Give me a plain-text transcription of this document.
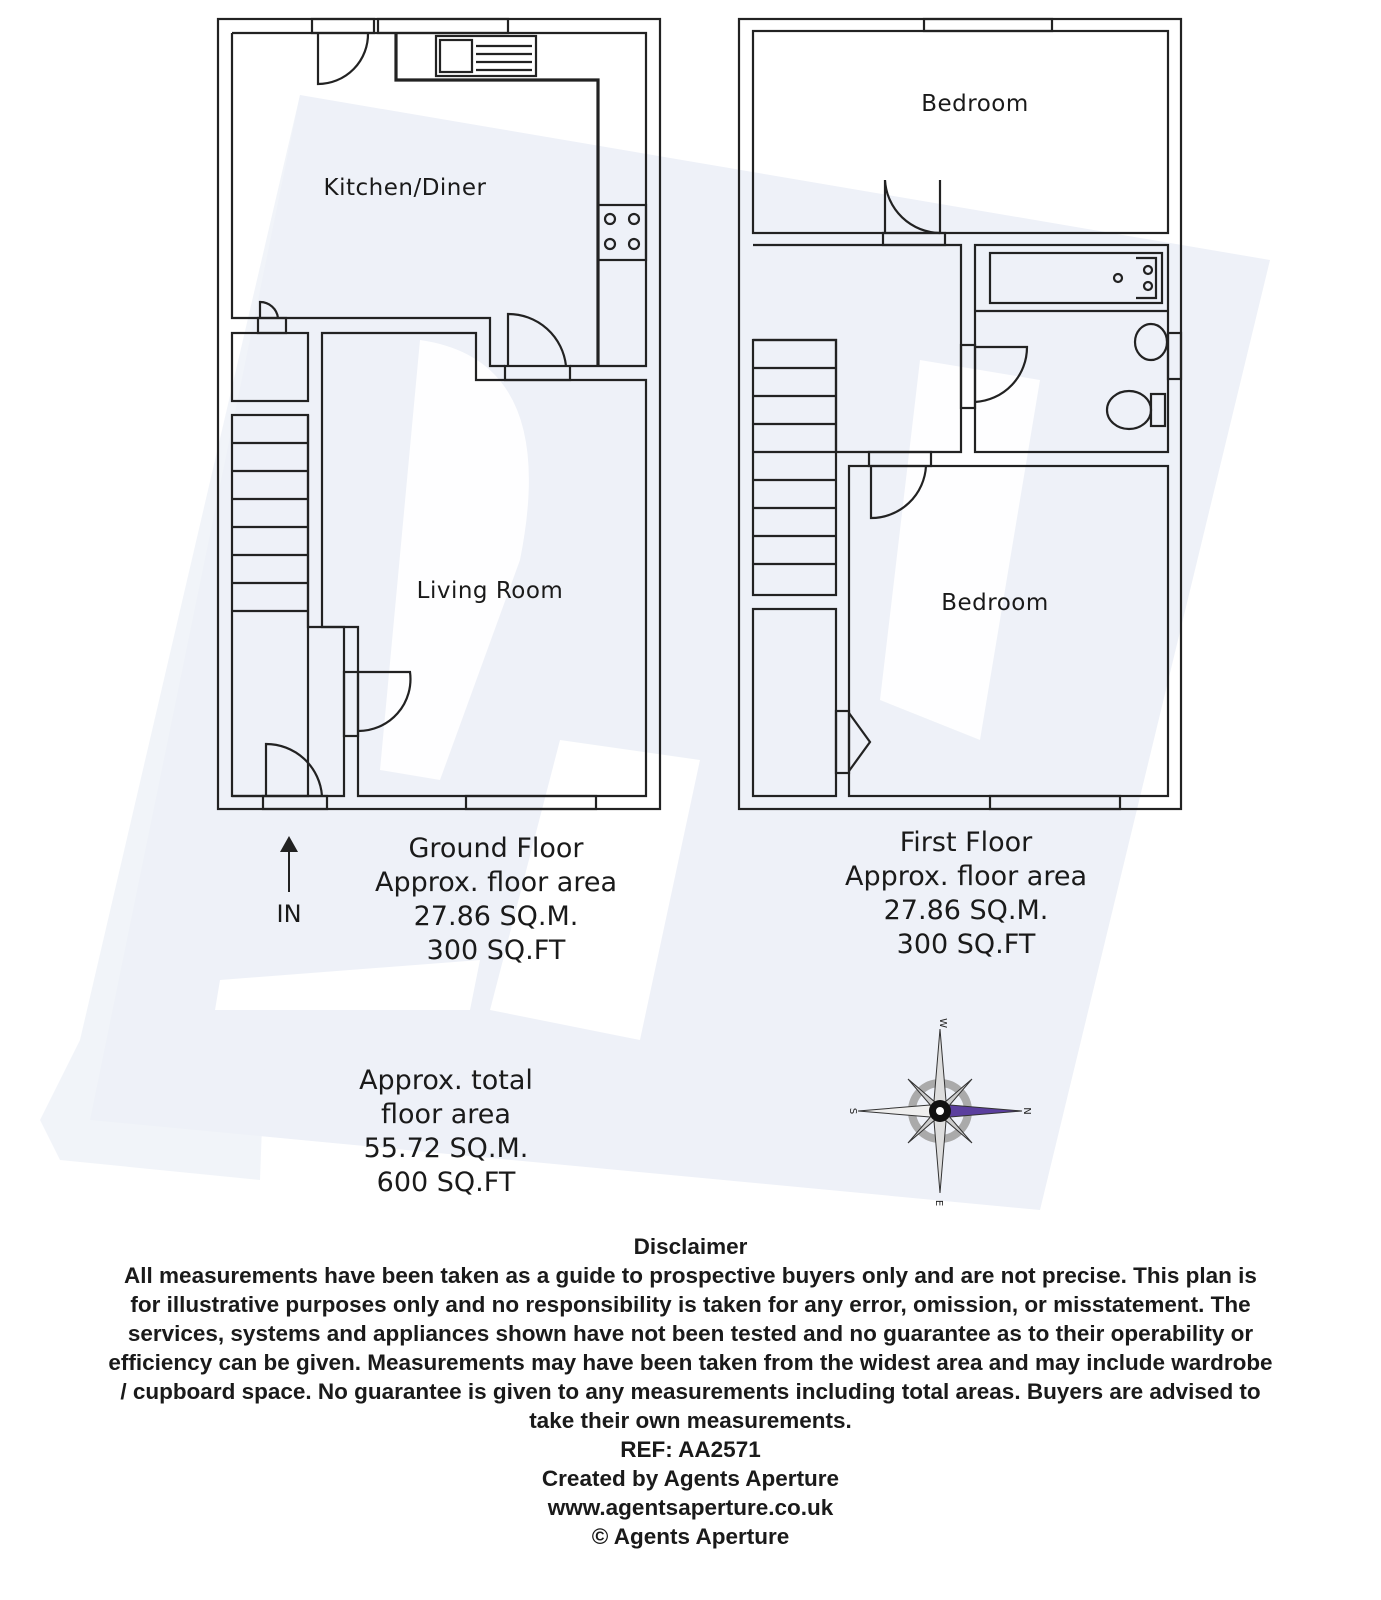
W
E
N
S
Kitchen/Diner
Living Room
Bedroom
Bedroom
IN
Ground Floor
Approx. floor area
27.86 SQ.M.
300 SQ.FT
First Floor
Approx. floor area
27.86 SQ.M.
300 SQ.FT
Approx. total
floor area
55.72 SQ.M.
600 SQ.FT
Disclaimer
All measurements have been taken as a guide to prospective buyers only and are not precise. This plan is
for illustrative purposes only and no responsibility is taken for any error, omission, or misstatement. The
services, systems and appliances shown have not been tested and no guarantee as to their operability or
efficiency can be given. Measurements may have been taken from the widest area and may include wardrobe
/ cupboard space. No guarantee is given to any measurements including total areas. Buyers are advised to
take their own measurements.
REF: AA2571
Created by Agents Aperture
www.agentsaperture.co.uk
© Agents Aperture
